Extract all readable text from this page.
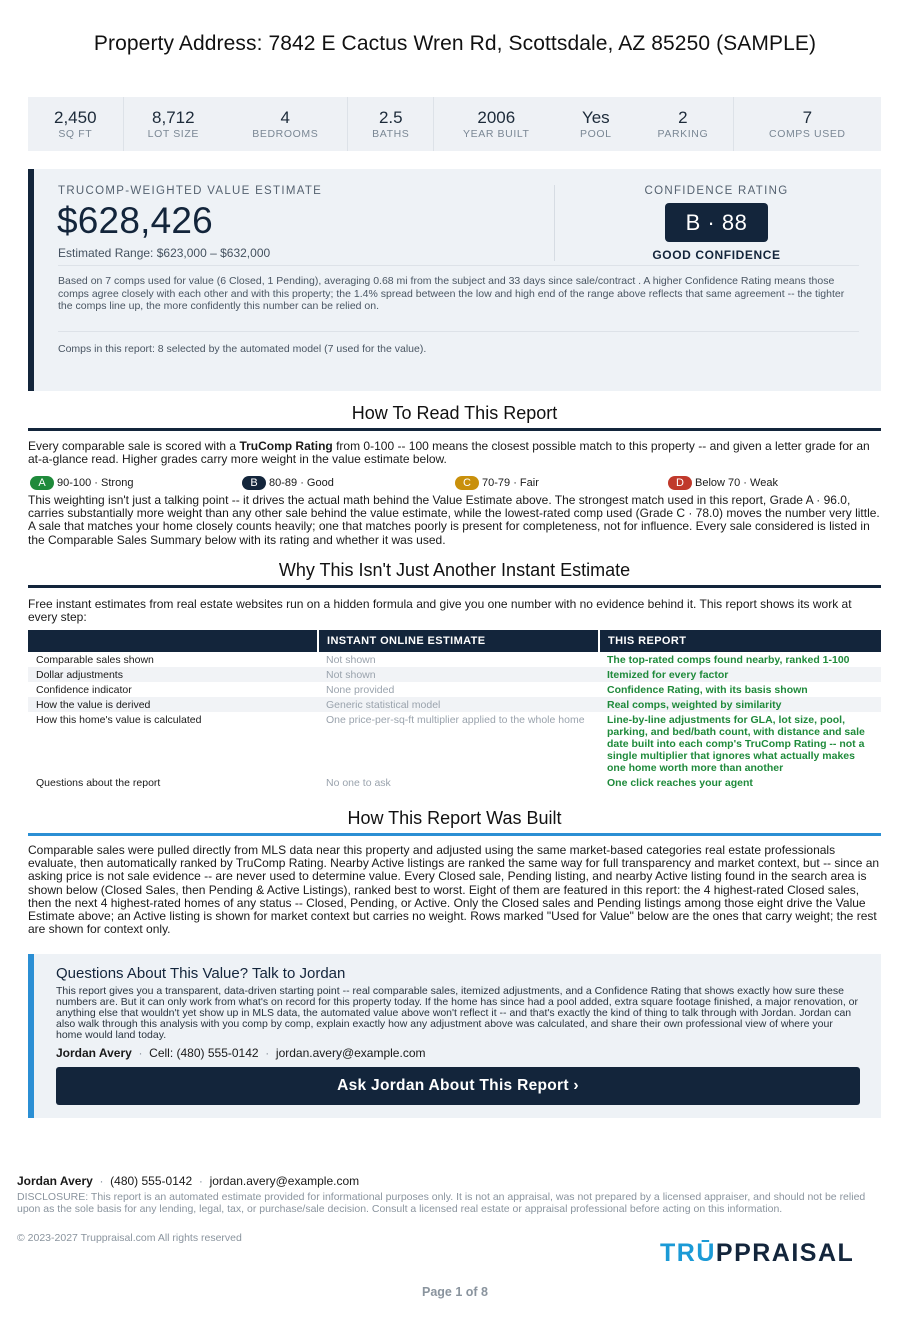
Property Address: 7842 E Cactus Wren Rd, Scottsdale, AZ 85250 (SAMPLE)
2,450
SQ FT
8,712
LOT SIZE
4
BEDROOMS
2.5
BATHS
2006
YEAR BUILT
Yes
POOL
2
PARKING
7
COMPS USED
TRUCOMP-WEIGHTED VALUE ESTIMATE
$628,426
Estimated Range: $623,000 – $632,000
CONFIDENCE RATING
B · 88
GOOD CONFIDENCE
Based on 7 comps used for value (6 Closed, 1 Pending), averaging 0.68 mi from the subject and 33 days since sale/contract . A higher Confidence Rating means those comps agree closely with each other and with this property; the 1.4% spread between the low and high end of the range above reflects that same agreement -- the tighter the comps line up, the more confidently this number can be relied on.
Comps in this report: 8 selected by the automated model (7 used for the value).
How To Read This Report
Every comparable sale is scored with a TruComp Rating from 0-100 -- 100 means the closest possible match to this property -- and given a letter grade for an at-a-glance read. Higher grades carry more weight in the value estimate below.
A	90-100 · Strong	B	80-89 · Good	C	70-79 · Fair	D	Below 70 · Weak
This weighting isn't just a talking point -- it drives the actual math behind the Value Estimate above. The strongest match used in this report, Grade A · 96.0, carries substantially more weight than any other sale behind the value estimate, while the lowest-rated comp used (Grade C · 78.0) moves the number very little. A sale that matches your home closely counts heavily; one that matches poorly is present for completeness, not for influence. Every sale considered is listed in the Comparable Sales Summary below with its rating and whether it was used.
Why This Isn't Just Another Instant Estimate
Free instant estimates from real estate websites run on a hidden formula and give you one number with no evidence behind it. This report shows its work at every step:
	INSTANT ONLINE ESTIMATE	THIS REPORT
Comparable sales shown	Not shown	The top-rated comps found nearby, ranked 1-100
Dollar adjustments	Not shown	Itemized for every factor
Confidence indicator	None provided	Confidence Rating, with its basis shown
How the value is derived	Generic statistical model	Real comps, weighted by similarity
How this home's value is calculated	One price-per-sq-ft multiplier applied to the whole home	Line-by-line adjustments for GLA, lot size, pool, parking, and bed/bath count, with distance and sale date built into each comp's TruComp Rating -- not a single multiplier that ignores what actually makes one home worth more than another
Questions about the report	No one to ask	One click reaches your agent
How This Report Was Built
Comparable sales were pulled directly from MLS data near this property and adjusted using the same market-based categories real estate professionals evaluate, then automatically ranked by TruComp Rating. Nearby Active listings are ranked the same way for full transparency and market context, but -- since an asking price is not sale evidence -- are never used to determine value. Every Closed sale, Pending listing, and nearby Active listing found in the search area is shown below (Closed Sales, then Pending & Active Listings), ranked best to worst. Eight of them are featured in this report: the 4 highest-rated Closed sales, then the next 4 highest-rated homes of any status -- Closed, Pending, or Active. Only the Closed sales and Pending listings among those eight drive the Value Estimate above; an Active listing is shown for market context but carries no weight. Rows marked "Used for Value" below are the ones that carry weight; the rest are shown for context only.
Questions About This Value? Talk to Jordan
This report gives you a transparent, data-driven starting point -- real comparable sales, itemized adjustments, and a Confidence Rating that shows exactly how sure these numbers are. But it can only work from what's on record for this property today. If the home has since had a pool added, extra square footage finished, a major renovation, or anything else that wouldn't yet show up in MLS data, the automated value above won't reflect it -- and that's exactly the kind of thing to talk through with Jordan. Jordan can also walk through this analysis with you comp by comp, explain exactly how any adjustment above was calculated, and share their own professional view of where your home would land today.
Jordan Avery  ·  Cell: (480) 555-0142  ·  jordan.avery@example.com
Ask Jordan About This Report ›
Jordan Avery  ·  (480) 555-0142  ·  jordan.avery@example.com
DISCLOSURE: This report is an automated estimate provided for informational purposes only. It is not an appraisal, was not prepared by a licensed appraiser, and should not be relied upon as the sole basis for any lending, legal, tax, or purchase/sale decision. Consult a licensed real estate or appraisal professional before acting on this information.
© 2023-2027 Truppraisal.com All rights reserved
TRŪPPRAISAL
Page 1 of 8
